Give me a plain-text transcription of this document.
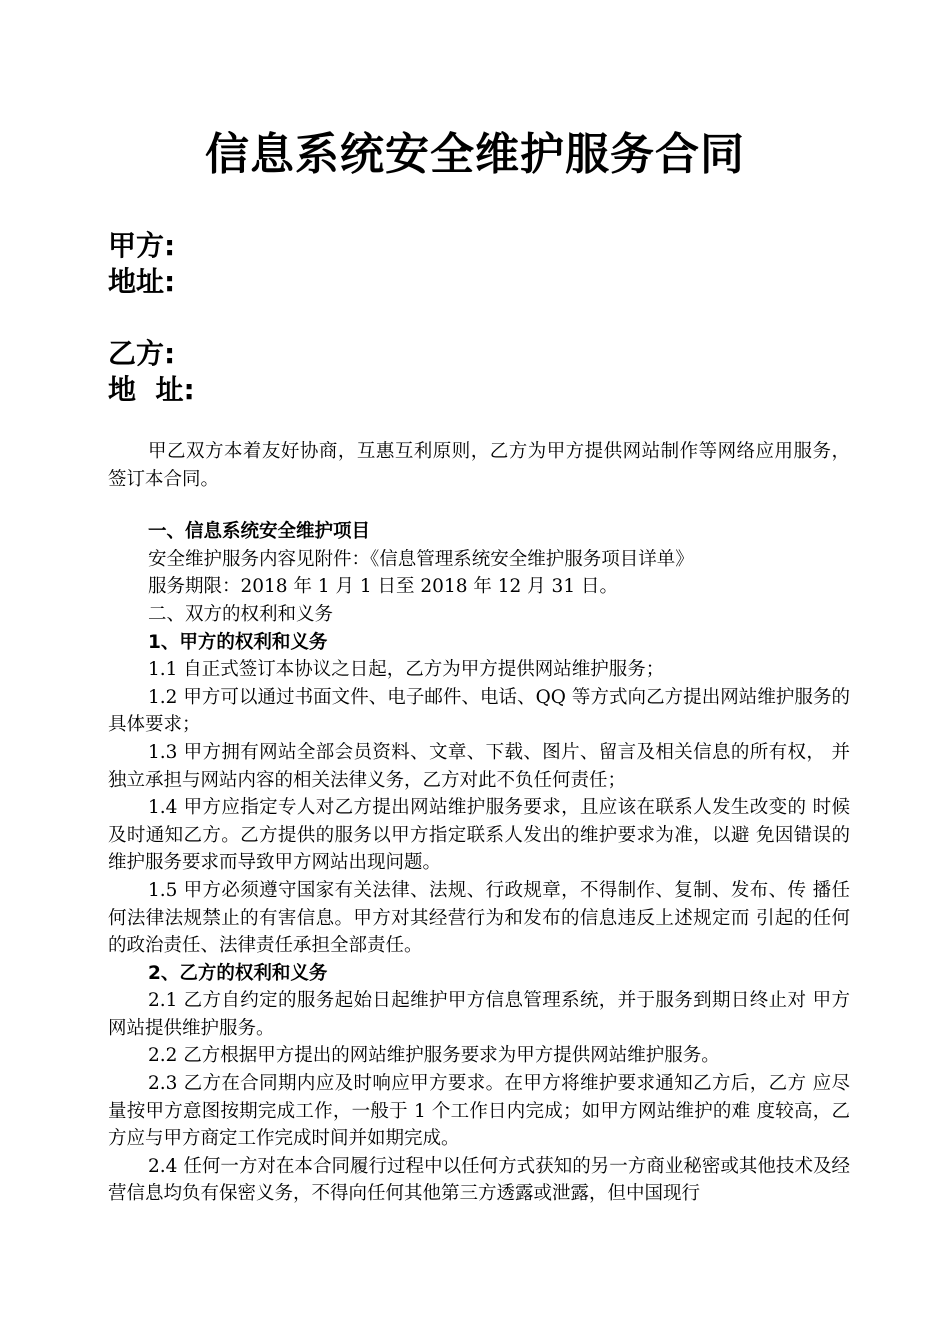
信息系统安全维护服务合同
甲方:
地址:
乙方:
地  址:

甲乙双方本着友好协商，互惠互利原则，乙方为甲方提供网站制作等网络应用服务，签订本合同。

一、信息系统安全维护项目

安全维护服务内容见附件：《信息管理系统安全维护服务项目详单》

服务期限：2018 年 1 月 1 日至 2018 年 12 月 31 日。

二、双方的权利和义务

1、甲方的权利和义务

1.1 自正式签订本协议之日起，乙方为甲方提供网站维护服务；

1.2 甲方可以通过书面文件、电子邮件、电话、QQ 等方式向乙方提出网站维护服务的具体要求；

1.3 甲方拥有网站全部会员资料、文章、下载、图片、留言及相关信息的所有权， 并独立承担与网站内容的相关法律义务，乙方对此不负任何责任；

1.4 甲方应指定专人对乙方提出网站维护服务要求，且应该在联系人发生改变的 时候及时通知乙方。乙方提供的服务以甲方指定联系人发出的维护要求为准，以避 免因错误的维护服务要求而导致甲方网站出现问题。

1.5 甲方必须遵守国家有关法律、法规、行政规章，不得制作、复制、发布、传 播任何法律法规禁止的有害信息。甲方对其经营行为和发布的信息违反上述规定而 引起的任何的政治责任、法律责任承担全部责任。

2、乙方的权利和义务

2.1 乙方自约定的服务起始日起维护甲方信息管理系统，并于服务到期日终止对 甲方网站提供维护服务。

2.2 乙方根据甲方提出的网站维护服务要求为甲方提供网站维护服务。

2.3 乙方在合同期内应及时响应甲方要求。在甲方将维护要求通知乙方后，乙方 应尽量按甲方意图按期完成工作，一般于 1 个工作日内完成；如甲方网站维护的难 度较高，乙方应与甲方商定工作完成时间并如期完成。

2.4 任何一方对在本合同履行过程中以任何方式获知的另一方商业秘密或其他技术及经营信息均负有保密义务，不得向任何其他第三方透露或泄露，但中国现行
